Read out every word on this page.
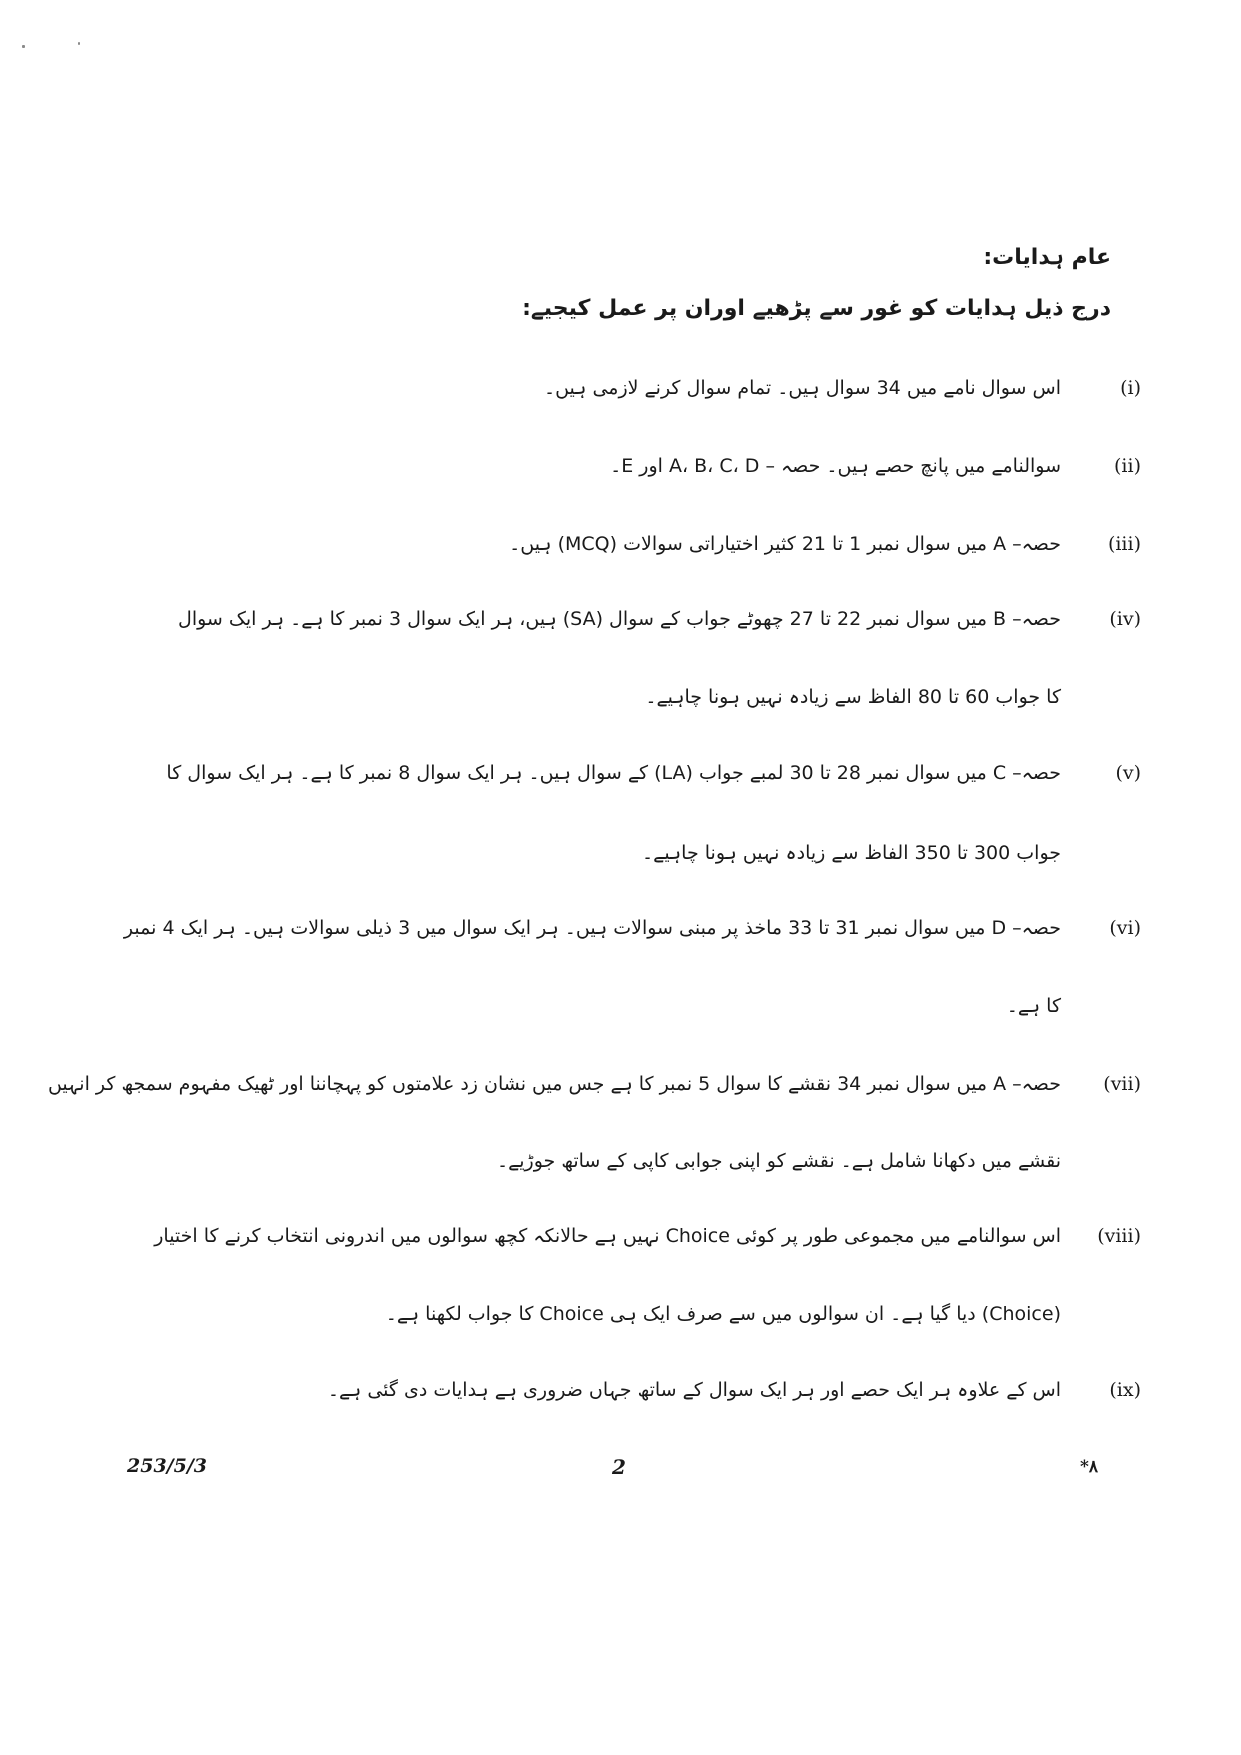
عام ہدایات:
درج ذیل ہدایات کو غور سے پڑھیے اوران پر عمل کیجیے:
(i)
اس سوال نامے میں 34 سوال ہیں۔ تمام سوال کرنے لازمی ہیں۔
(ii)
سوالنامے میں پانچ حصے ہیں۔ حصہ – A، B، C، D اور E۔
(iii)
حصہ– A میں سوال نمبر 1 تا 21 کثیر اختیاراتی سوالات (MCQ) ہیں۔
(iv)
حصہ– B میں سوال نمبر 22 تا 27 چھوٹے جواب کے سوال (SA) ہیں، ہر ایک سوال 3 نمبر کا ہے۔ ہر ایک سوال
کا جواب 60 تا 80 الفاظ سے زیادہ نہیں ہونا چاہیے۔
(v)
حصہ– C میں سوال نمبر 28 تا 30 لمبے جواب (LA) کے سوال ہیں۔ ہر ایک سوال 8 نمبر کا ہے۔ ہر ایک سوال کا
جواب 300 تا 350 الفاظ سے زیادہ نہیں ہونا چاہیے۔
(vi)
حصہ– D میں سوال نمبر 31 تا 33 ماخذ پر مبنی سوالات ہیں۔ ہر ایک سوال میں 3 ذیلی سوالات ہیں۔ ہر ایک 4 نمبر
کا ہے۔
(vii)
حصہ– A میں سوال نمبر 34 نقشے کا سوال 5 نمبر کا ہے جس میں نشان زد علامتوں کو پہچاننا اور ٹھیک مفہوم سمجھ کر انہیں
نقشے میں دکھانا شامل ہے۔ نقشے کو اپنی جوابی کاپی کے ساتھ جوڑیے۔
(viii)
اس سوالنامے میں مجموعی طور پر کوئی Choice نہیں ہے حالانکہ کچھ سوالوں میں اندرونی انتخاب کرنے کا اختیار
(Choice) دیا گیا ہے۔ ان سوالوں میں سے صرف ایک ہی Choice کا جواب لکھنا ہے۔
(ix)
اس کے علاوہ ہر ایک حصے اور ہر ایک سوال کے ساتھ جہاں ضروری ہے ہدایات دی گئی ہے۔
253/5/3	2	*۸
